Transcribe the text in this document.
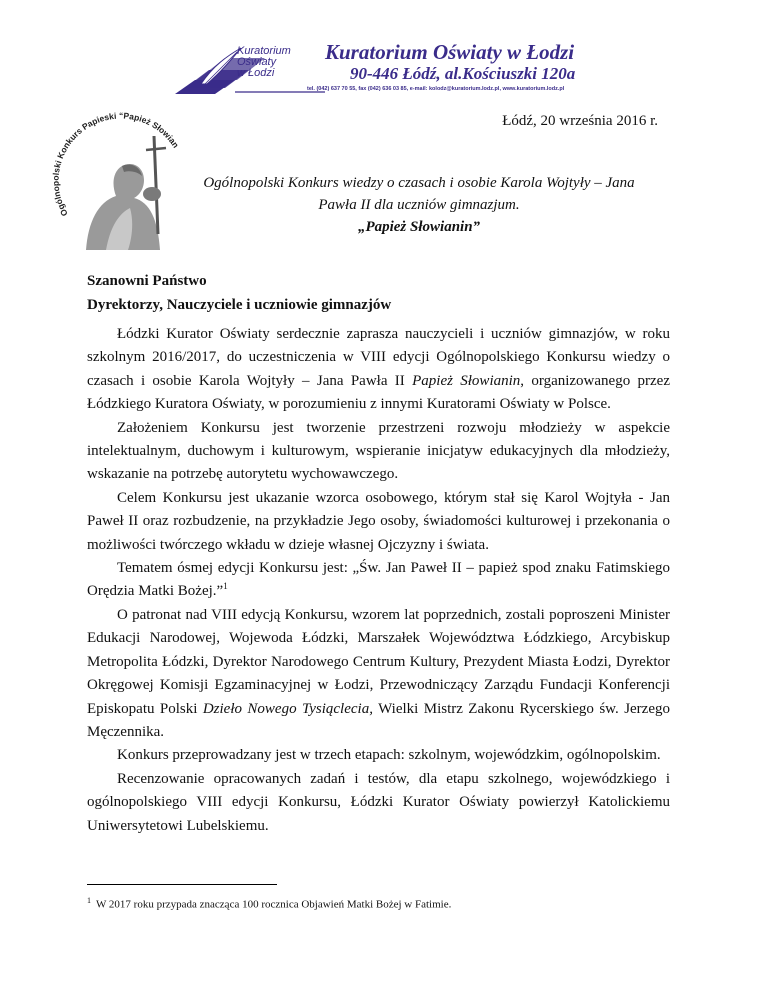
Kuratorium
Oświaty
w Łodzi
Kuratorium Oświaty w Łodzi
90-446 Łódź, al.Kościuszki 120a
tel. (042) 637 70 55, fax (042) 636 03 85, e-mail: kolodz@kuratorium.lodz.pl, www.kuratorium.lodz.pl
Ogólnopolski Konkurs Papieski “Papież Słowian
Łódź, 20 września 2016 r.
Ogólnopolski Konkurs wiedzy o czasach i osobie Karola Wojtyły – Jana
Pawła II dla uczniów gimnazjum.
„Papież Słowianin”
Szanowni Państwo
Dyrektorzy, Nauczyciele i uczniowie gimnazjów

Łódzki Kurator Oświaty serdecznie zaprasza nauczycieli i uczniów gimnazjów, w roku szkolnym 2016/2017, do uczestniczenia w VIII edycji Ogólnopolskiego Konkursu wiedzy o czasach i osobie Karola Wojtyły – Jana Pawła II Papież Słowianin, organizowanego przez Łódzkiego Kuratora Oświaty, w porozumieniu z innymi Kuratorami Oświaty w Polsce.

Założeniem Konkursu jest tworzenie przestrzeni rozwoju młodzieży w aspekcie intelektualnym, duchowym i kulturowym, wspieranie inicjatyw edukacyjnych dla młodzieży, wskazanie na potrzebę autorytetu wychowawczego.

Celem Konkursu jest ukazanie wzorca osobowego, którym stał się Karol Wojtyła - Jan Paweł II oraz rozbudzenie, na przykładzie Jego osoby, świadomości kulturowej i przekonania o możliwości twórczego wkładu w dzieje własnej Ojczyzny i świata.

Tematem ósmej edycji Konkursu jest: „Św. Jan Paweł II – papież spod znaku Fatimskiego Orędzia Matki Bożej.”$^1$

O patronat nad VIII edycją Konkursu, wzorem lat poprzednich, zostali poproszeni Minister Edukacji Narodowej, Wojewoda Łódzki, Marszałek Województwa Łódzkiego, Arcybiskup Metropolita Łódzki, Dyrektor Narodowego Centrum Kultury, Prezydent Miasta Łodzi, Dyrektor Okręgowej Komisji Egzaminacyjnej w Łodzi, Przewodniczący Zarządu Fundacji Konferencji Episkopatu Polski Dzieło Nowego Tysiąclecia, Wielki Mistrz Zakonu Rycerskiego św. Jerzego Męczennika.

Konkurs przeprowadzany jest w trzech etapach: szkolnym, wojewódzkim, ogólnopolskim.

Recenzowanie opracowanych zadań i testów, dla etapu szkolnego, wojewódzkiego i ogólnopolskiego VIII edycji Konkursu, Łódzki Kurator Oświaty powierzył Katolickiemu Uniwersytetowi Lubelskiemu.

$^1$ W 2017 roku przypada znacząca 100 rocznica Objawień Matki Bożej w Fatimie.
